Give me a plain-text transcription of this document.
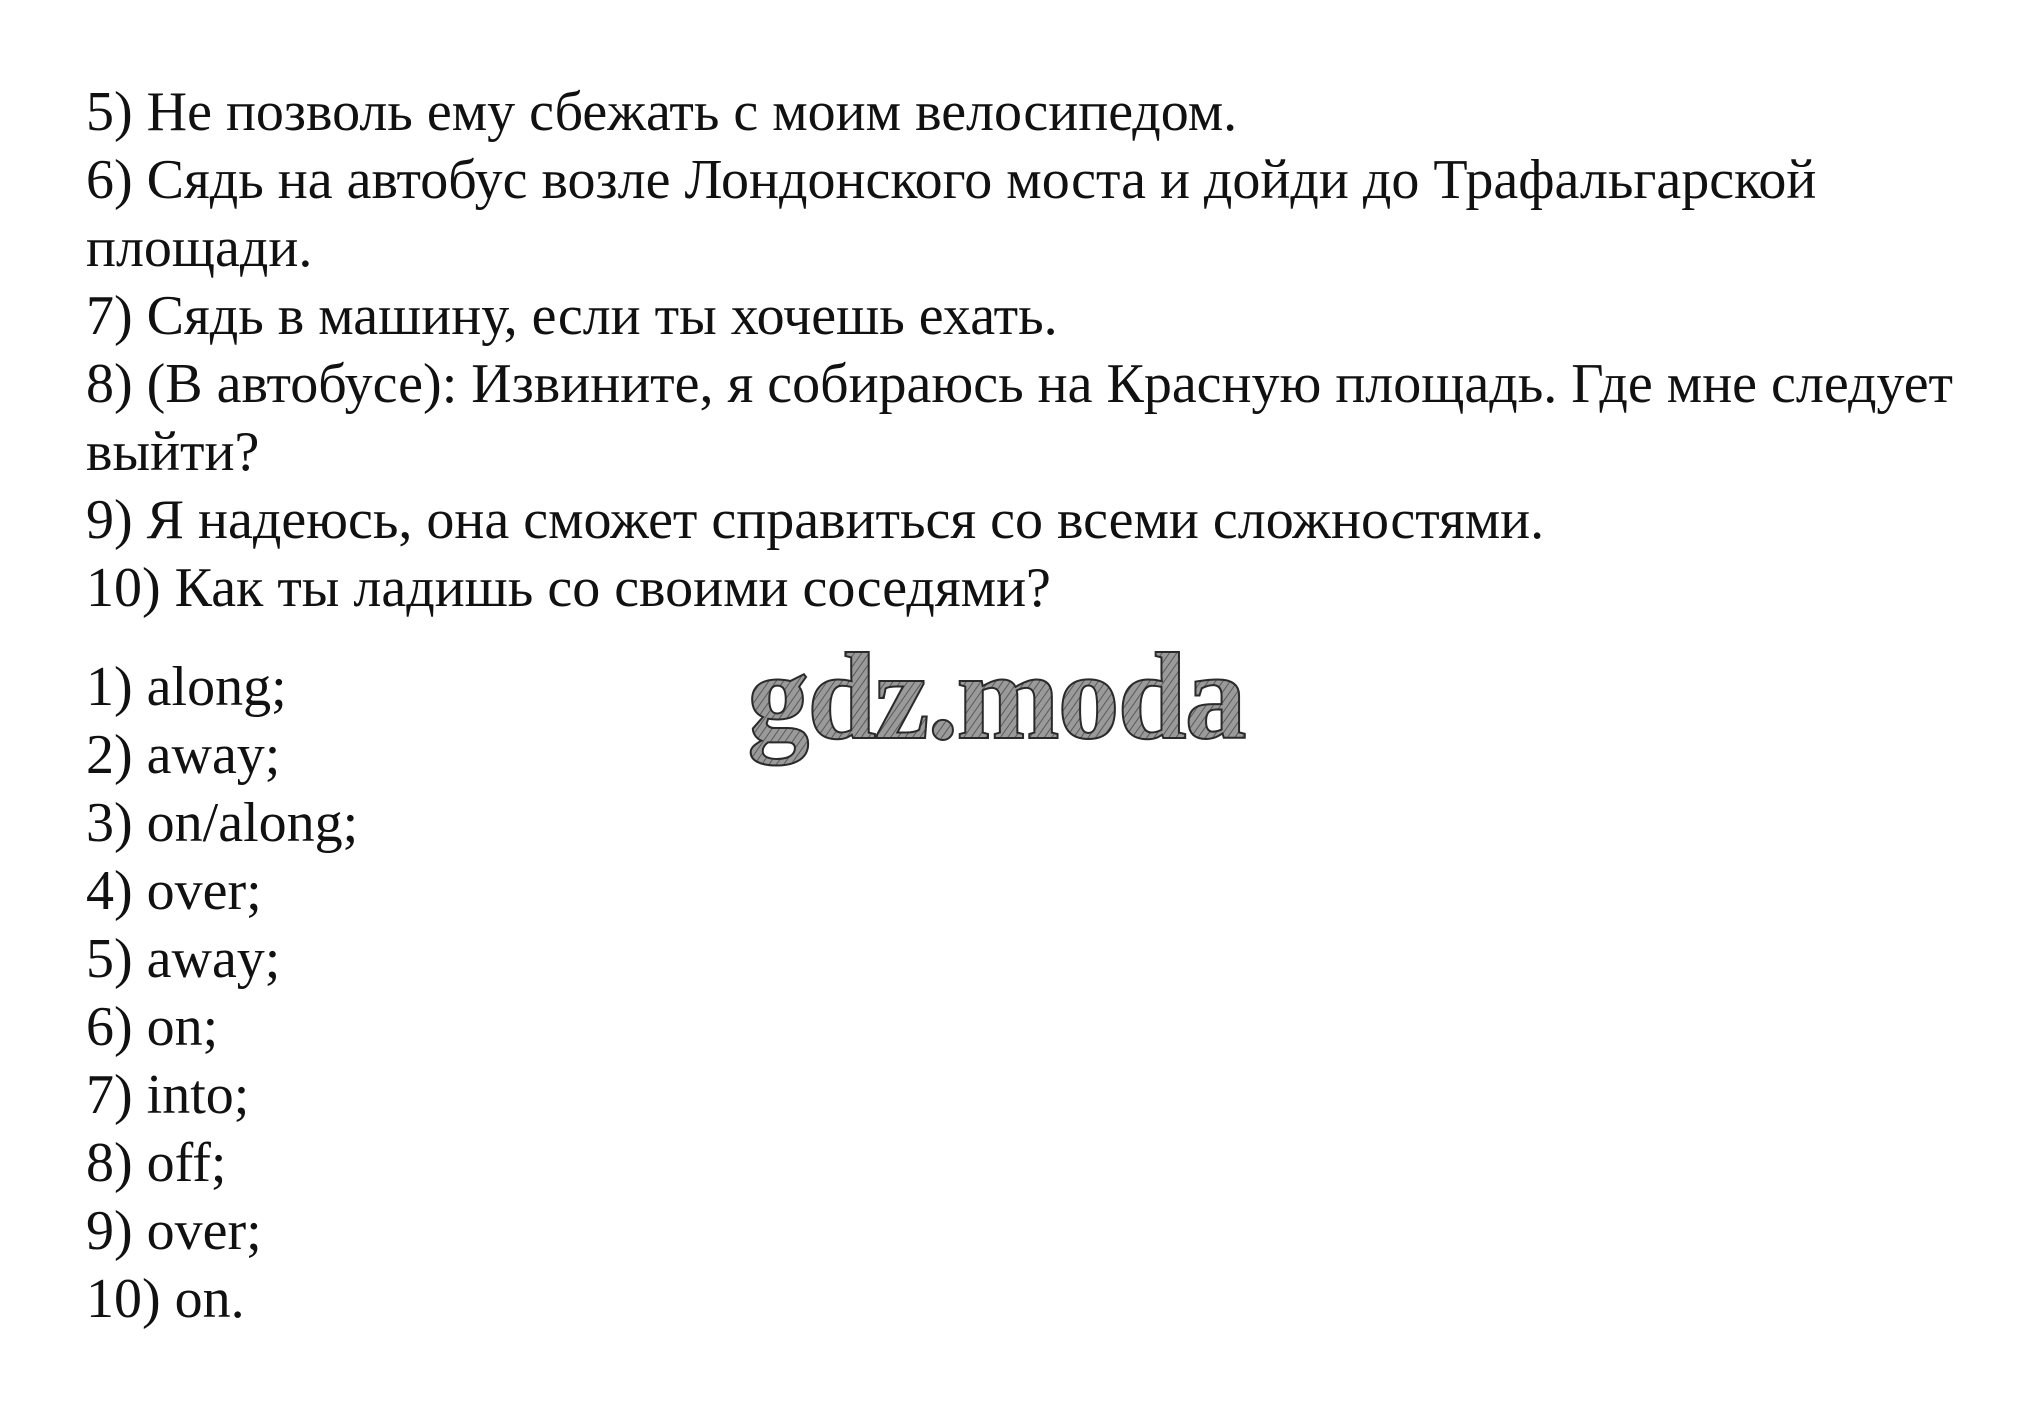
5) Не позволь ему сбежать с моим велосипедом.
6) Сядь на автобус возле Лондонского моста и дойди до Трафальгарской площади.
7) Сядь в машину, если ты хочешь ехать.
8) (В автобусе): Извините, я собираюсь на Красную площадь. Где мне следует выйти?
9) Я надеюсь, она сможет справиться со всеми сложностями.
10) Как ты ладишь со своими соседями?
1) along;
2) away;
3) on/along;
4) over;
5) away;
6) on;
7) into;
8) off;
9) over;
10) on.
gdz.moda
